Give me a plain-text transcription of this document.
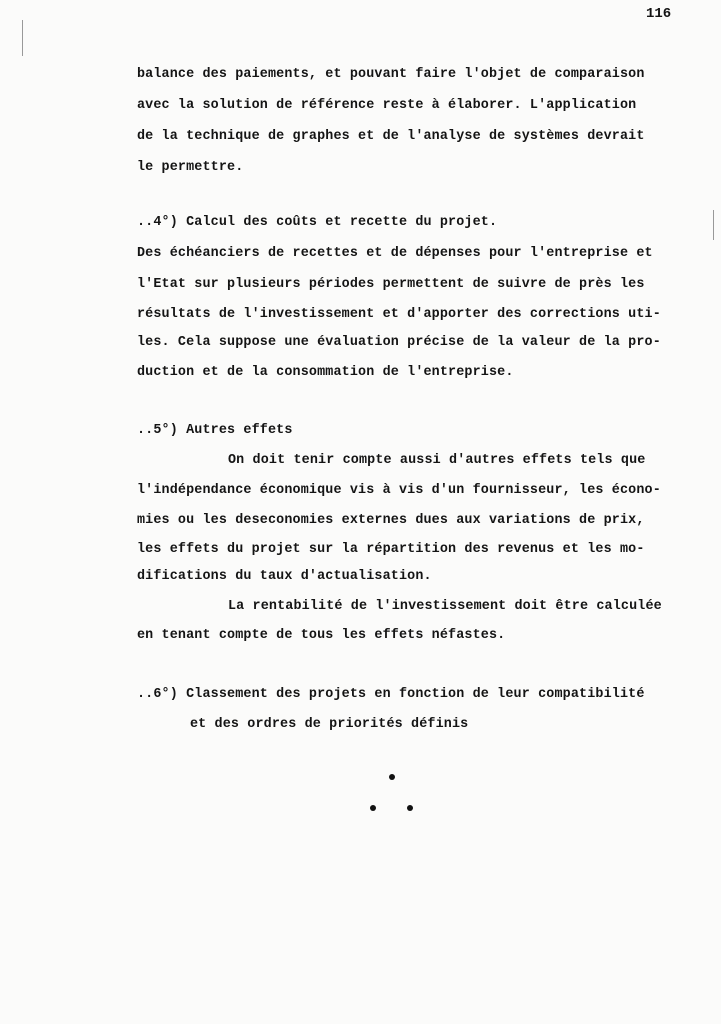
116
balance des paiements, et pouvant faire l'objet de comparaison
avec la solution de référence reste à élaborer. L'application
de la technique de graphes et de l'analyse de systèmes devrait
le permettre.
..4°) Calcul des coûts et recette du projet.
Des échéanciers de recettes et de dépenses pour l'entreprise et
l'Etat sur plusieurs périodes permettent de suivre de près les
résultats de l'investissement et d'apporter des corrections uti-
les. Cela suppose une évaluation précise de la valeur de la pro-
duction et de la consommation de l'entreprise.
..5°) Autres effets
On doit tenir compte aussi d'autres effets tels que
l'indépendance économique vis à vis d'un fournisseur, les écono-
mies ou les deseconomies externes dues aux variations de prix,
les effets du projet sur la répartition des revenus et les mo-
difications du taux d'actualisation.
La rentabilité de l'investissement doit être calculée
en tenant compte de tous les effets néfastes.
..6°) Classement des projets en fonction de leur compatibilité
et des ordres de priorités définis
